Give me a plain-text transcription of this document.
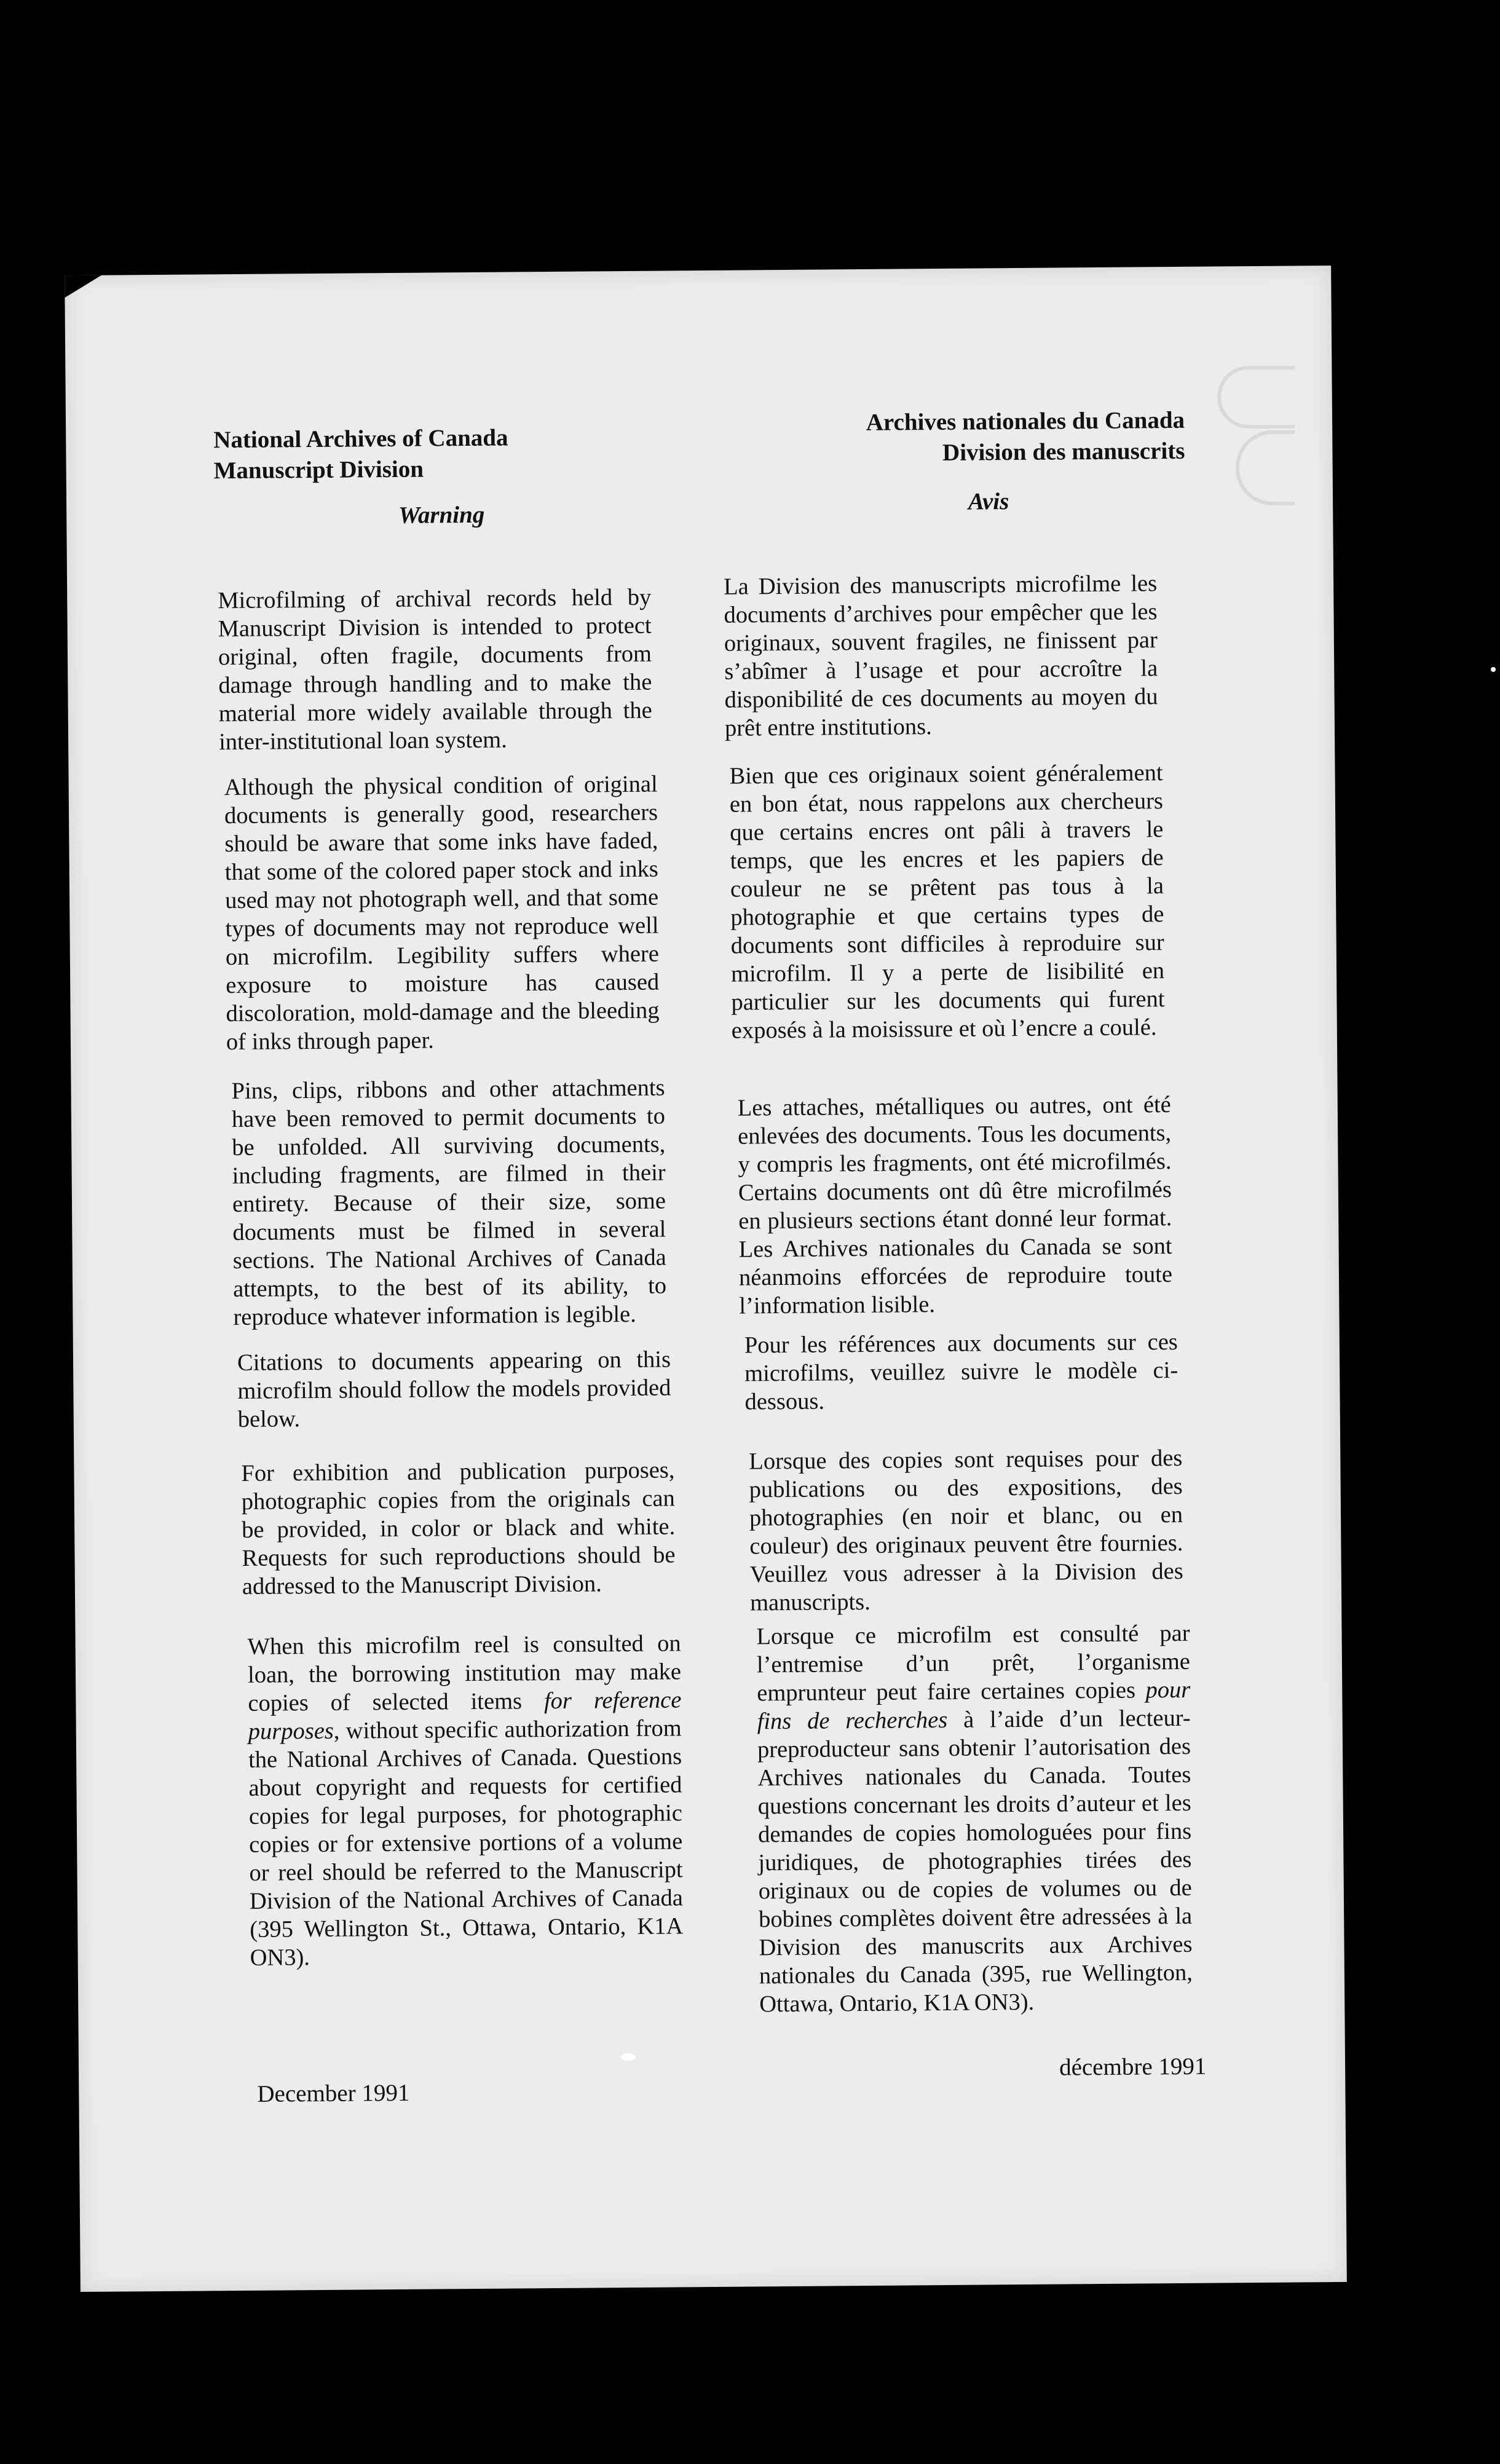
National Archives of Canada
Manuscript Division
Warning
Microfilming of archival records held by Manuscript Division is intended to protect original, often fragile, documents from damage through handling and to make the material more widely available through the inter-institutional loan system.
Although the physical condition of original documents is generally good, researchers should be aware that some inks have faded, that some of the colored paper stock and inks used may not photograph well, and that some types of documents may not reproduce well on microfilm. Legibility suffers where exposure to moisture has caused discoloration, mold-damage and the bleeding of inks through paper.
Pins, clips, ribbons and other attachments have been removed to permit documents to be unfolded. All surviving documents, including fragments, are filmed in their entirety. Because of their size, some documents must be filmed in several sections. The National Archives of Canada attempts, to the best of its ability, to reproduce whatever information is legible.
Citations to documents appearing on this microfilm should follow the models provided below.
For exhibition and publication purposes, photographic copies from the originals can be provided, in color or black and white. Requests for such reproductions should be addressed to the Manuscript Division.
When this microfilm reel is consulted on loan, the borrowing institution may make copies of selected items for reference purposes, without specific authorization from the National Archives of Canada. Questions about copyright and requests for certified copies for legal purposes, for photographic copies or for extensive portions of a volume or reel should be referred to the Manuscript Division of the National Archives of Canada (395 Wellington St., Ottawa, Ontario, K1A ON3).
December 1991
Archives nationales du Canada
Division des manuscrits
Avis
La Division des manuscripts microfilme les documents d’archives pour empêcher que les originaux, souvent fragiles, ne finissent par s’abîmer à l’usage et pour accroître la disponibilité de ces documents au moyen du prêt entre institutions.
Bien que ces originaux soient généralement en bon état, nous rappelons aux chercheurs que certains encres ont pâli à travers le temps, que les encres et les papiers de couleur ne se prêtent pas tous à la photographie et que certains types de documents sont difficiles à reproduire sur microfilm. Il y a perte de lisibilité en particulier sur les documents qui furent exposés à la moisissure et où l’encre a coulé.
Les attaches, métalliques ou autres, ont été enlevées des documents. Tous les documents, y compris les fragments, ont été microfilmés. Certains documents ont dû être microfilmés en plusieurs sections étant donné leur format. Les Archives nationales du Canada se sont néanmoins efforcées de reproduire toute l’information lisible.
Pour les références aux documents sur ces microfilms, veuillez suivre le modèle ci-dessous.
Lorsque des copies sont requises pour des publications ou des expositions, des photographies (en noir et blanc, ou en couleur) des originaux peuvent être fournies. Veuillez vous adresser à la Division des manuscripts.
Lorsque ce microfilm est consulté par l’entremise d’un prêt, l’organisme emprunteur peut faire certaines copies pour fins de recherches à l’aide d’un lecteur-preproducteur sans obtenir l’autorisation des Archives nationales du Canada. Toutes questions concernant les droits d’auteur et les demandes de copies homologuées pour fins juridiques, de photographies tirées des originaux ou de copies de volumes ou de bobines complètes doivent être adressées à la Division des manuscrits aux Archives nationales du Canada (395, rue Wellington, Ottawa, Ontario, K1A ON3).
décembre 1991
